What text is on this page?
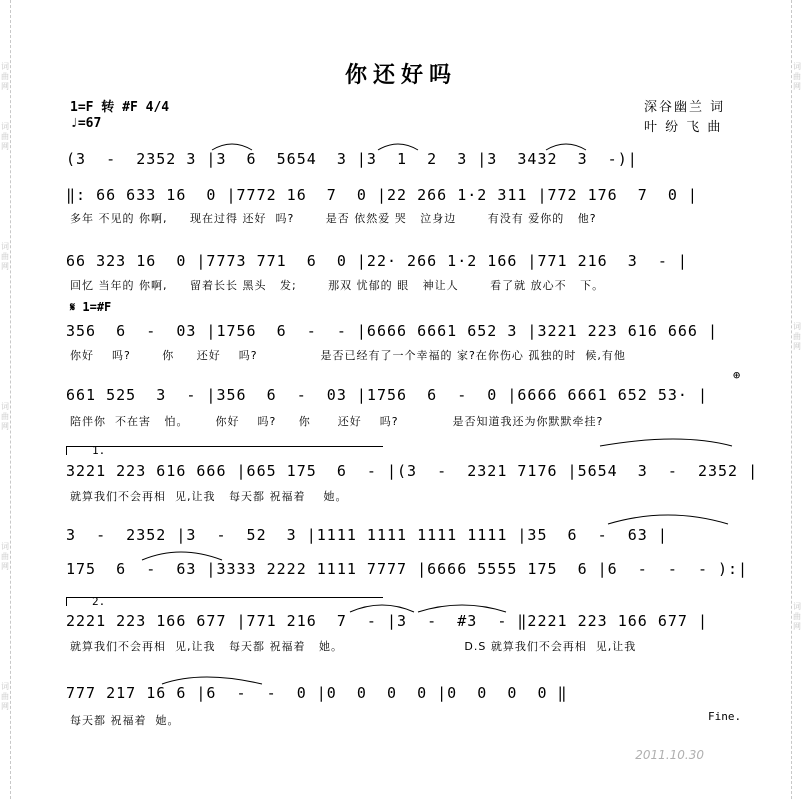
词
曲
网
词
曲
网
词
曲
网
词
曲
网
词
曲
网
词
曲
网
词
曲
网
词
曲
网
词
曲
网
你还好吗
1=F 转 #F 4/4
♩=67
深谷幽兰 词
叶 纷 飞 曲
(3  -  2352 3 |3  6  5654  3 |3  1  2  3 |3  3432  3  -)|
‖: 66 633 16  0 |7772 16  7  0 |22 266 1·2 311 |772 176  7  0 |
多年 不见的 你啊,     现在过得 还好  吗?       是否 依然爱 哭   泣身边       有没有 爱你的   他?
66 323 16  0 |7773 771  6  0 |22· 266 1·2 166 |771 216  3  - |
回忆 当年的 你啊,     留着长长 黑头   发;       那双 忧郁的 眼   神让人       看了就 放心不   下。
𝄋 1=#F
356  6  -  03 |1756  6  -  - |6666 6661 652 3 |3221 223 616 666 |
你好    吗?       你     还好    吗?              是否已经有了一个幸福的 家?在你伤心 孤独的时  候,有他
661 525  3  - |356  6  -  03 |1756  6  -  0 |6666 6661 652 53· |
陪伴你  不在害   怕。      你好    吗?     你      还好    吗?            是否知道我还为你默默牵挂?
⊕
1.
3221 223 616 666 |665 175  6  - |(3  -  2321 7176 |5654  3  -  2352 |
就算我们不会再相  见,让我   每天都 祝福着    她。
3  -  2352 |3  -  52  3 |1111 1111 1111 1111 |35  6  -  63 |
175  6  -  63 |3333 2222 1111 7777 |6666 5555 175  6 |6  -  -  - ):|
2.
2221 223 166 677 |771 216  7  - |3  -  #3  - ‖2221 223 166 677 |
就算我们不会再相  见,让我   每天都 祝福着   她。                           D.S 就算我们不会再相  见,让我
777 217 16 6 |6  -  -  0 |0  0  0  0 |0  0  0  0 ‖
每天都 祝福着  她。	Fine.
2011.10.30
